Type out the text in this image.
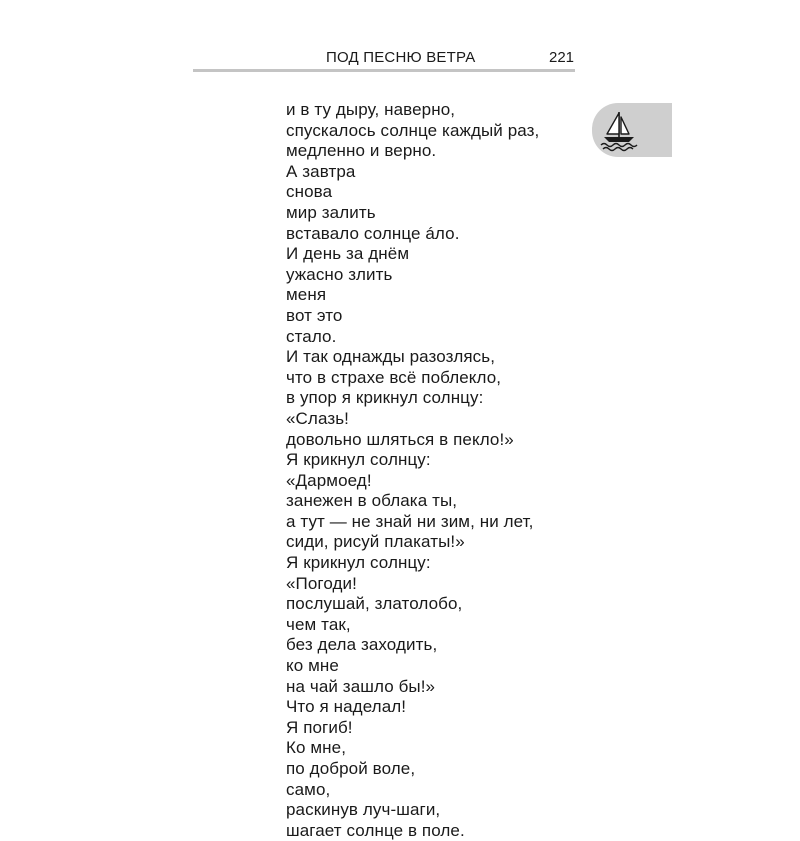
ПОД ПЕСНЮ ВЕТРА	221
и в ту дыру, наверно,
спускалось солнце каждый раз,
медленно и верно.
А завтра
снова
мир залить
вставало солнце áло.
И день за днём
ужасно злить
меня
вот это
стало.
И так однажды разозлясь,
что в страхе всё поблекло,
в упор я крикнул солнцу:
«Слазь!
довольно шляться в пекло!»
Я крикнул солнцу:
«Дармоед!
занежен в облака ты,
а тут — не знай ни зим, ни лет,
сиди, рисуй плакаты!»
Я крикнул солнцу:
«Погоди!
послушай, златолобо,
чем так,
без дела заходить,
ко мне
на чай зашло бы!»
Что я наделал!
Я погиб!
Ко мне,
по доброй воле,
само,
раскинув луч-шаги,
шагает солнце в поле.
